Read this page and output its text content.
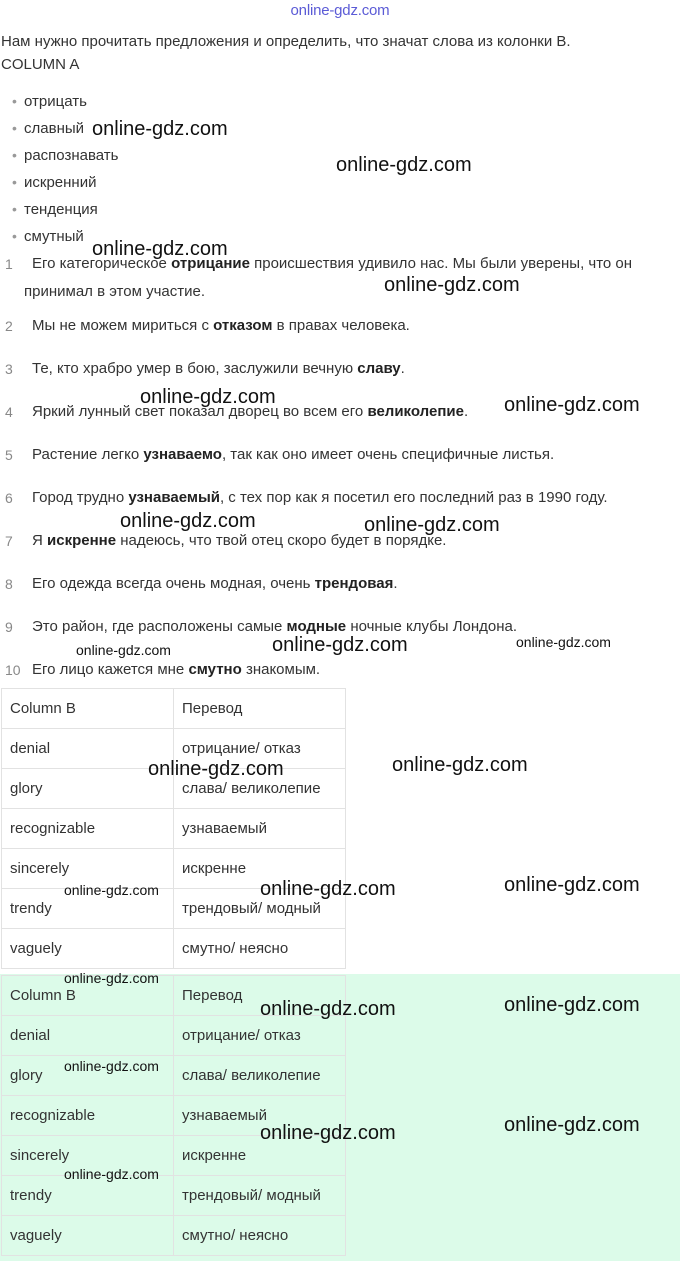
online-gdz.com
Нам нужно прочитать предложения и определить, что значат слова из колонки B.
COLUMN A
• отрицать
• славный
• распознавать
• искренний
• тенденция
• смутный
1 Его категорическое отрицание происшествия удивило нас. Мы были уверены, что он
принимал в этом участие.
2 Мы не можем мириться с отказом в правах человека.
3 Те, кто храбро умер в бою, заслужили вечную славу.
4 Яркий лунный свет показал дворец во всем его великолепие.
5 Растение легко узнаваемо, так как оно имеет очень специфичные листья.
6 Город трудно узнаваемый, с тех пор как я посетил его последний раз в 1990 году.
7 Я искренне надеюсь, что твой отец скоро будет в порядке.
8 Его одежда всегда очень модная, очень трендовая.
9 Это район, где расположены самые модные ночные клубы Лондона.
10 Его лицо кажется мне смутно знакомым.
Column B	Перевод
denial	отрицание/ отказ
glory	слава/ великолепие
recognizable	узнаваемый
sincerely	искренне
trendy	трендовый/ модный
vaguely	смутно/ неясно
Column B	Перевод
denial	отрицание/ отказ
glory	слава/ великолепие
recognizable	узнаваемый
sincerely	искренне
trendy	трендовый/ модный
vaguely	смутно/ неясно
online-gdz.com
online-gdz.com
online-gdz.com
online-gdz.com
online-gdz.com	online-gdz.com
online-gdz.com	online-gdz.com
online-gdz.com
online-gdz.com	online-gdz.com
online-gdz.com	online-gdz.com
online-gdz.com	online-gdz.com	online-gdz.com
online-gdz.com
online-gdz.com	online-gdz.com
online-gdz.com
online-gdz.com	online-gdz.com
online-gdz.com
